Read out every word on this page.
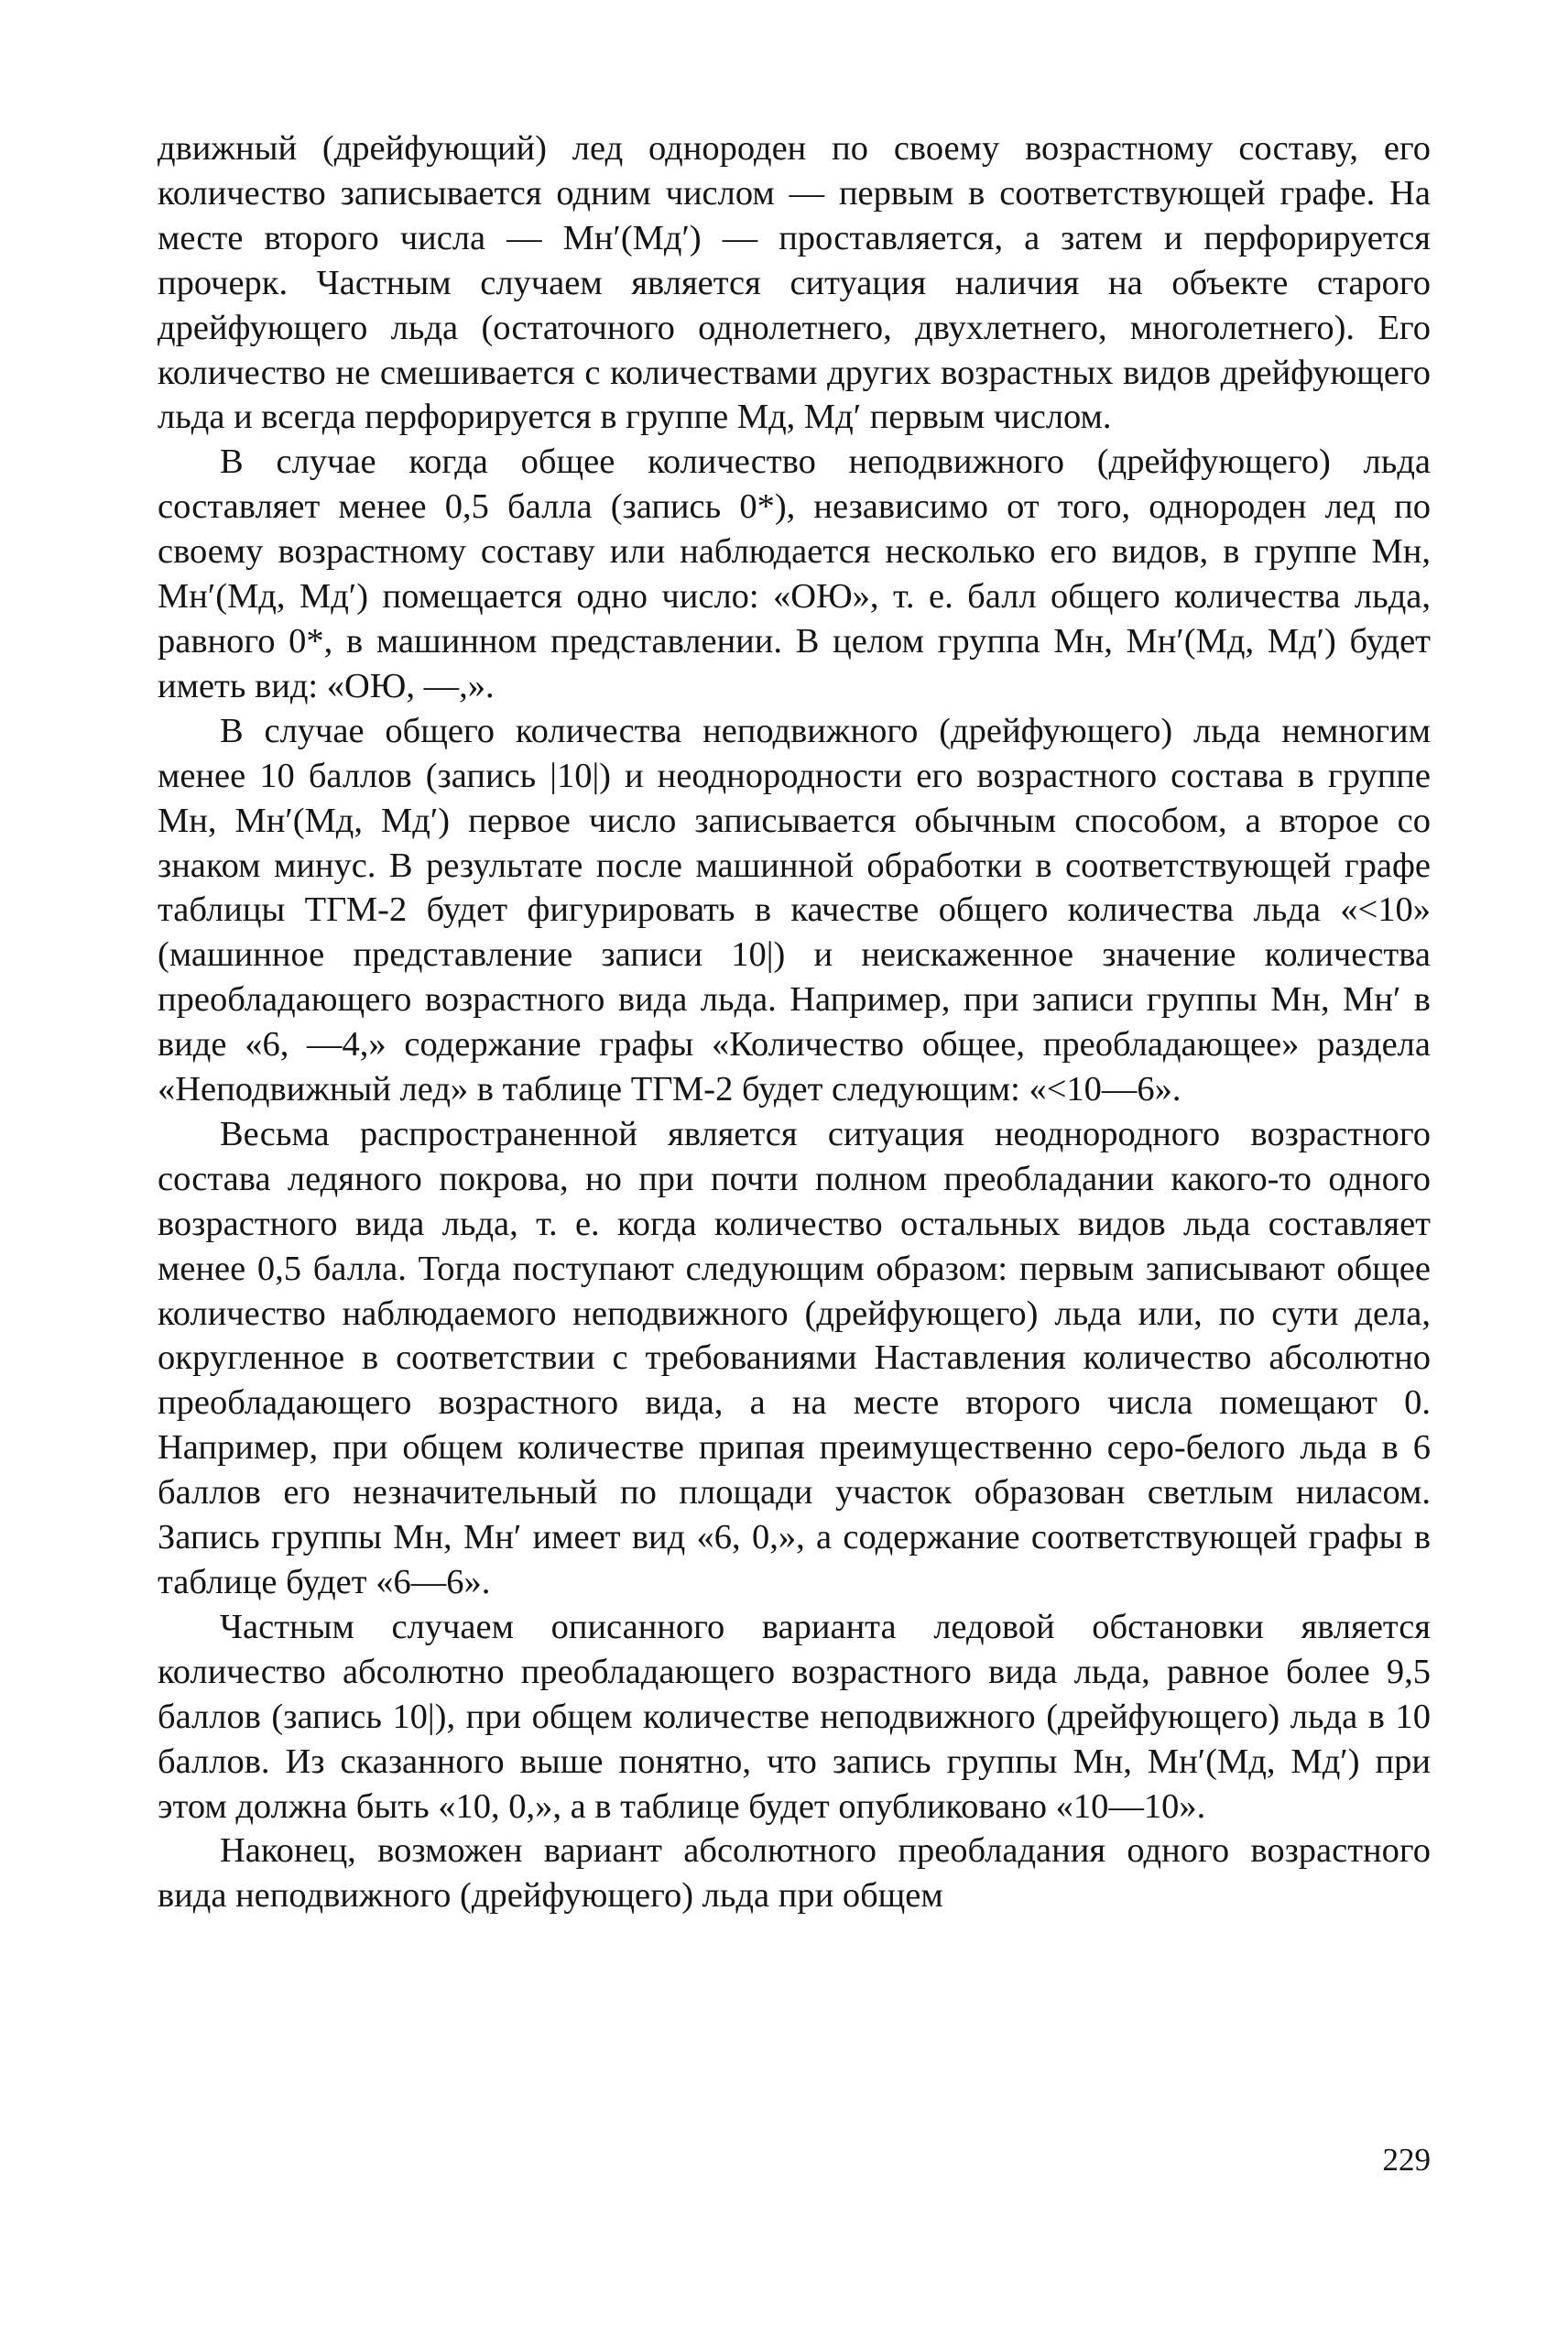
движный (дрейфующий) лед однороден по своему возрастному составу, его количество записывается одним числом — первым в соответствующей графе. На месте второго числа — Мн′(Мд′) — проставляется, а затем и перфорируется прочерк. Частным случаем является ситуация наличия на объекте старого дрейфующего льда (остаточного однолетнего, двухлетнего, многолетнего). Его количество не смешивается с количествами других возрастных видов дрейфующего льда и всегда перфорируется в группе Мд, Мд′ первым числом.

В случае когда общее количество неподвижного (дрейфующего) льда составляет менее 0,5 балла (запись 0*), независимо от того, однороден лед по своему возрастному составу или наблюдается несколько его видов, в группе Мн, Мн′(Мд, Мд′) помещается одно число: «ОЮ», т. е. балл общего количества льда, равного 0*, в машинном представлении. В целом группа Мн, Мн′(Мд, Мд′) будет иметь вид: «ОЮ, —,».

В случае общего количества неподвижного (дрейфующего) льда немногим менее 10 баллов (запись |10|) и неоднородности его возрастного состава в группе Мн, Мн′(Мд, Мд′) первое число записывается обычным способом, а второе со знаком минус. В результате после машинной обработки в соответствующей графе таблицы ТГМ-2 будет фигурировать в качестве общего количества льда «<10» (машинное представление записи 10|) и неискаженное значение количества преобладающего возрастного вида льда. Например, при записи группы Мн, Мн′ в виде «6, —4,» содержание графы «Количество общее, преобладающее» раздела «Неподвижный лед» в таблице ТГМ-2 будет следующим: «<10—6».

Весьма распространенной является ситуация неоднородного возрастного состава ледяного покрова, но при почти полном преобладании какого-то одного возрастного вида льда, т. е. когда количество остальных видов льда составляет менее 0,5 балла. Тогда поступают следующим образом: первым записывают общее количество наблюдаемого неподвижного (дрейфующего) льда или, по сути дела, округленное в соответствии с требованиями Наставления количество абсолютно преобладающего возрастного вида, а на месте второго числа помещают 0. Например, при общем количестве припая преимущественно серо-белого льда в 6 баллов его незначительный по площади участок образован светлым ниласом. Запись группы Мн, Мн′ имеет вид «6, 0,», а содержание соответствующей графы в таблице будет «6—6».

Частным случаем описанного варианта ледовой обстановки является количество абсолютно преобладающего возрастного вида льда, равное более 9,5 баллов (запись 10|), при общем количестве неподвижного (дрейфующего) льда в 10 баллов. Из сказанного выше понятно, что запись группы Мн, Мн′(Мд, Мд′) при этом должна быть «10, 0,», а в таблице будет опубликовано «10—10».

Наконец, возможен вариант абсолютного преобладания одного возрастного вида неподвижного (дрейфующего) льда при общем

229
